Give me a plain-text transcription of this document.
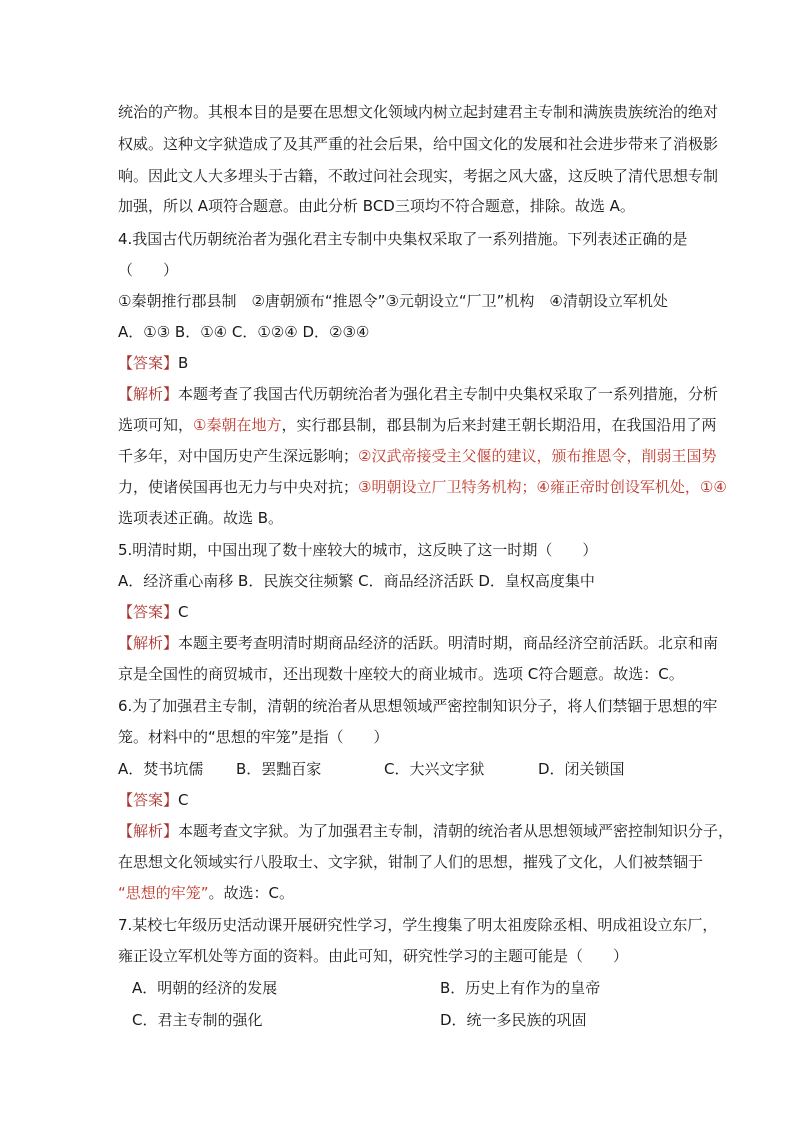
统治的产物。其根本目的是要在思想文化领域内树立起封建君主专制和满族贵族统治的绝对
权威。这种文字狱造成了及其严重的社会后果，给中国文化的发展和社会进步带来了消极影
响。因此文人大多埋头于古籍，不敢过问社会现实，考据之风大盛，这反映了清代思想专制
加强，所以 A项符合题意。由此分析 BCD三项均不符合题意，排除。故选 A。
4.我国古代历朝统治者为强化君主专制中央集权采取了一系列措施。下列表述正确的是
（　　）
①秦朝推行郡县制　②唐朝颁布“推恩令”③元朝设立“厂卫”机构　④清朝设立军机处
A．①③ B．①④ C．①②④ D．②③④
【答案】B
【解析】本题考查了我国古代历朝统治者为强化君主专制中央集权采取了一系列措施，分析
选项可知，①秦朝在地方，实行郡县制，郡县制为后来封建王朝长期沿用，在我国沿用了两
千多年，对中国历史产生深远影响；②汉武帝接受主父偃的建议，颁布推恩令，削弱王国势
力，使诸侯国再也无力与中央对抗；③明朝设立厂卫特务机构；④雍正帝时创设军机处，①④
选项表述正确。故选 B。
5.明清时期，中国出现了数十座较大的城市，这反映了这一时期（　　）
A．经济重心南移 B．民族交往频繁 C．商品经济活跃 D．皇权高度集中
【答案】C
【解析】本题主要考查明清时期商品经济的活跃。明清时期，商品经济空前活跃。北京和南
京是全国性的商贸城市，还出现数十座较大的商业城市。选项 C符合题意。故选：C。
6.为了加强君主专制，清朝的统治者从思想领域严密控制知识分子，将人们禁锢于思想的牢
笼。材料中的“思想的牢笼”是指（　　）
A．焚书坑儒 B．罢黜百家	C．大兴文字狱	D．闭关锁国
【答案】C
【解析】本题考查文字狱。为了加强君主专制，清朝的统治者从思想领域严密控制知识分子，
在思想文化领域实行八股取士、文字狱，钳制了人们的思想，摧残了文化，人们被禁锢于
“思想的牢笼”。故选：C。
7.某校七年级历史活动课开展研究性学习，学生搜集了明太祖废除丞相、明成祖设立东厂，
雍正设立军机处等方面的资料。由此可知，研究性学习的主题可能是（　　）
A．明朝的经济的发展	B．历史上有作为的皇帝
C．君主专制的强化	D．统一多民族的巩固
